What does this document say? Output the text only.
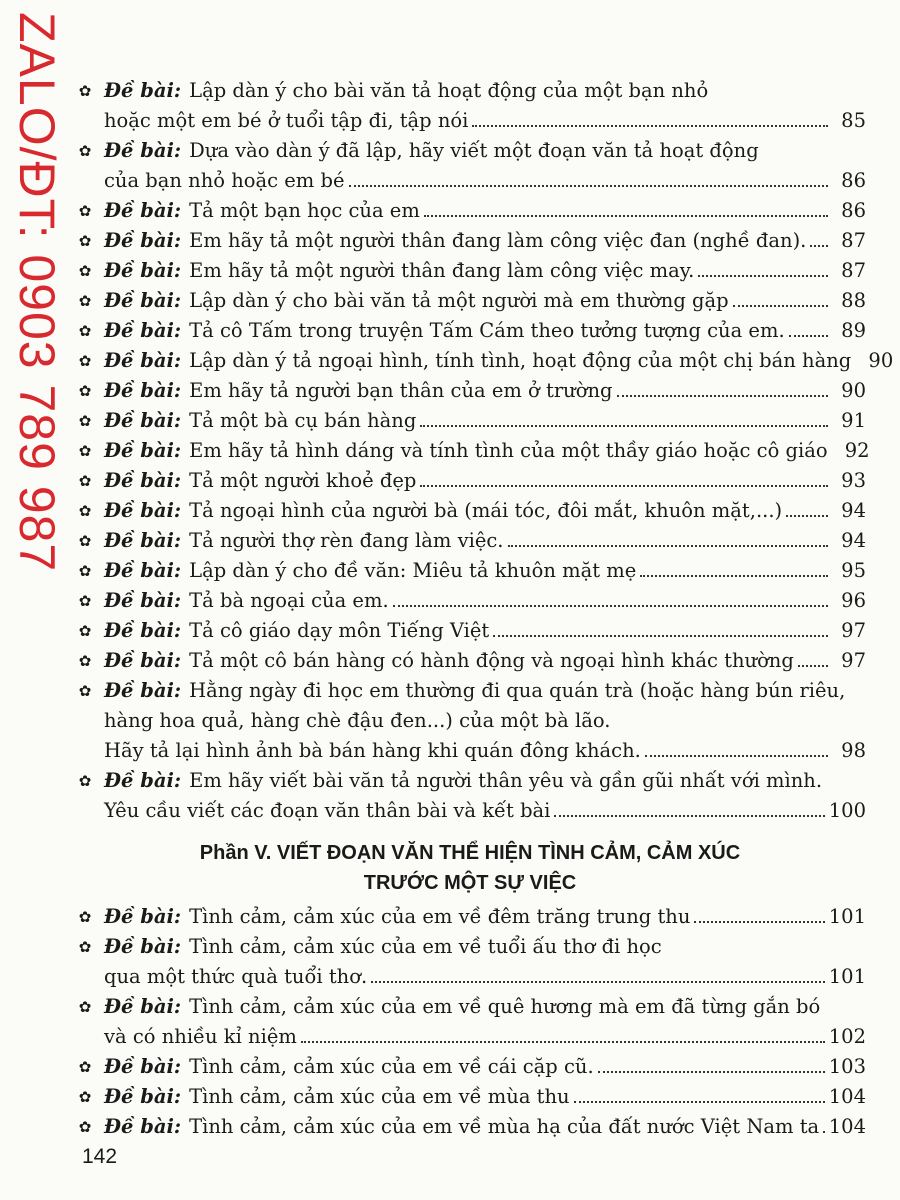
ZALO/ĐT: 0903 789 987 ✿ Đề bài: Lập dàn ý cho bài văn tả hoạt động của một bạn nhỏ
hoặc một em bé ở tuổi tập đi, tập nói	85
✿ Đề bài: Dựa vào dàn ý đã lập, hãy viết một đoạn văn tả hoạt động
của bạn nhỏ hoặc em bé	86
✿ Đề bài: Tả một bạn học của em	86
✿ Đề bài: Em hãy tả một người thân đang làm công việc đan (nghề đan).	87
✿ Đề bài: Em hãy tả một người thân đang làm công việc may.	87
✿ Đề bài: Lập dàn ý cho bài văn tả một người mà em thường gặp	88
✿ Đề bài: Tả cô Tấm trong truyện Tấm Cám theo tưởng tượng của em.	89
✿ Đề bài: Lập dàn ý tả ngoại hình, tính tình, hoạt động của một chị bán hàng 90
✿ Đề bài: Em hãy tả người bạn thân của em ở trường	90
✿ Đề bài: Tả một bà cụ bán hàng	91
✿ Đề bài: Em hãy tả hình dáng và tính tình của một thầy giáo hoặc cô giáo 92
✿ Đề bài: Tả một người khoẻ đẹp	93
✿ Đề bài: Tả ngoại hình của người bà (mái tóc, đôi mắt, khuôn mặt,...)	94
✿ Đề bài: Tả người thợ rèn đang làm việc.	94
✿ Đề bài: Lập dàn ý cho đề văn: Miêu tả khuôn mặt mẹ	95
✿ Đề bài: Tả bà ngoại của em.	96
✿ Đề bài: Tả cô giáo dạy môn Tiếng Việt	97
✿ Đề bài: Tả một cô bán hàng có hành động và ngoại hình khác thường	97
✿ Đề bài: Hằng ngày đi học em thường đi qua quán trà (hoặc hàng bún riêu,
hàng hoa quả, hàng chè đậu đen...) của một bà lão.
Hãy tả lại hình ảnh bà bán hàng khi quán đông khách.	98
✿ Đề bài: Em hãy viết bài văn tả người thân yêu và gần gũi nhất với mình.
Yêu cầu viết các đoạn văn thân bài và kết bài	100
Phần V. VIẾT ĐOẠN VĂN THỂ HIỆN TÌNH CẢM, CẢM XÚC
TRƯỚC MỘT SỰ VIỆC
✿ Đề bài: Tình cảm, cảm xúc của em về đêm trăng trung thu	101
✿ Đề bài: Tình cảm, cảm xúc của em về tuổi ấu thơ đi học
qua một thức quà tuổi thơ.	101
✿ Đề bài: Tình cảm, cảm xúc của em về quê hương mà em đã từng gắn bó
và có nhiều kỉ niệm	102
✿ Đề bài: Tình cảm, cảm xúc của em về cái cặp cũ.	103
✿ Đề bài: Tình cảm, cảm xúc của em về mùa thu	104
✿ Đề bài: Tình cảm, cảm xúc của em về mùa hạ của đất nước Việt Nam ta 104
142
